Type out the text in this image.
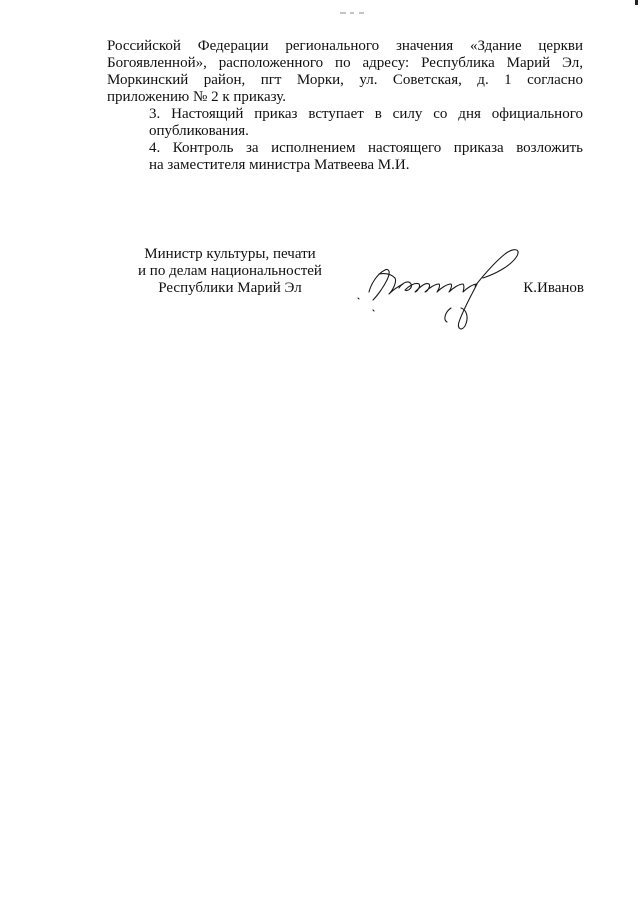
Российской Федерации регионального значения «Здание церкви
Богоявленной», расположенного по адресу: Республика Марий Эл,
Моркинский район, пгт Морки, ул. Советская, д. 1 согласно
приложению № 2 к приказу.

3. Настоящий приказ вступает в силу со дня официального
опубликования.

4. Контроль за исполнением настоящего приказа возложить
на заместителя министра Матвеева М.И.

Министр культуры, печати
и по делам национальностей
Республики Марий Эл	К.Иванов
